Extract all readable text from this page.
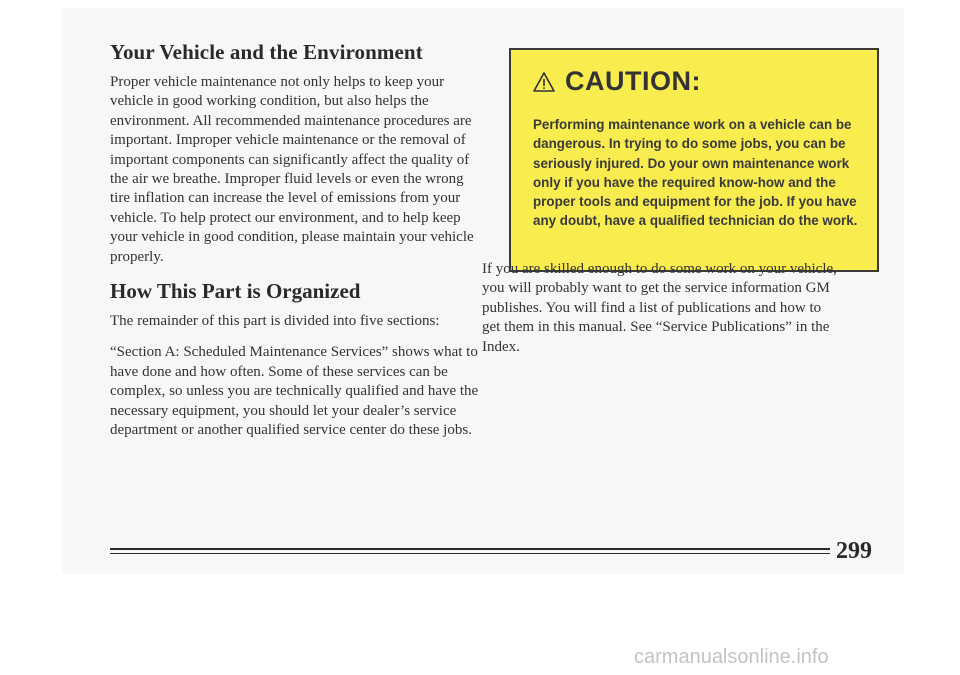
Your Vehicle and the Environment

Proper vehicle maintenance not only helps to keep your vehicle in good working condition, but also helps the environment. All recommended maintenance procedures are important. Improper vehicle maintenance or the removal of important components can significantly affect the quality of the air we breathe. Improper fluid levels or even the wrong tire inflation can increase the level of emissions from your vehicle. To help protect our environment, and to help keep your vehicle in good condition, please maintain your vehicle properly.

How This Part is Organized

The remainder of this part is divided into five sections:

“Section A: Scheduled Maintenance Services” shows what to have done and how often. Some of these services can be complex, so unless you are technically qualified and have the necessary equipment, you should let your dealer’s service department or another qualified service center do these jobs.

CAUTION:

Performing maintenance work on a vehicle can be dangerous. In trying to do some jobs, you can be seriously injured. Do your own maintenance work only if you have the required know-how and the proper tools and equipment for the job. If you have any doubt, have a qualified technician do the work.

If you are skilled enough to do some work on your vehicle, you will probably want to get the service information GM publishes. You will find a list of publications and how to get them in this manual. See “Service Publications” in the Index.

299
carmanualsonline.info
